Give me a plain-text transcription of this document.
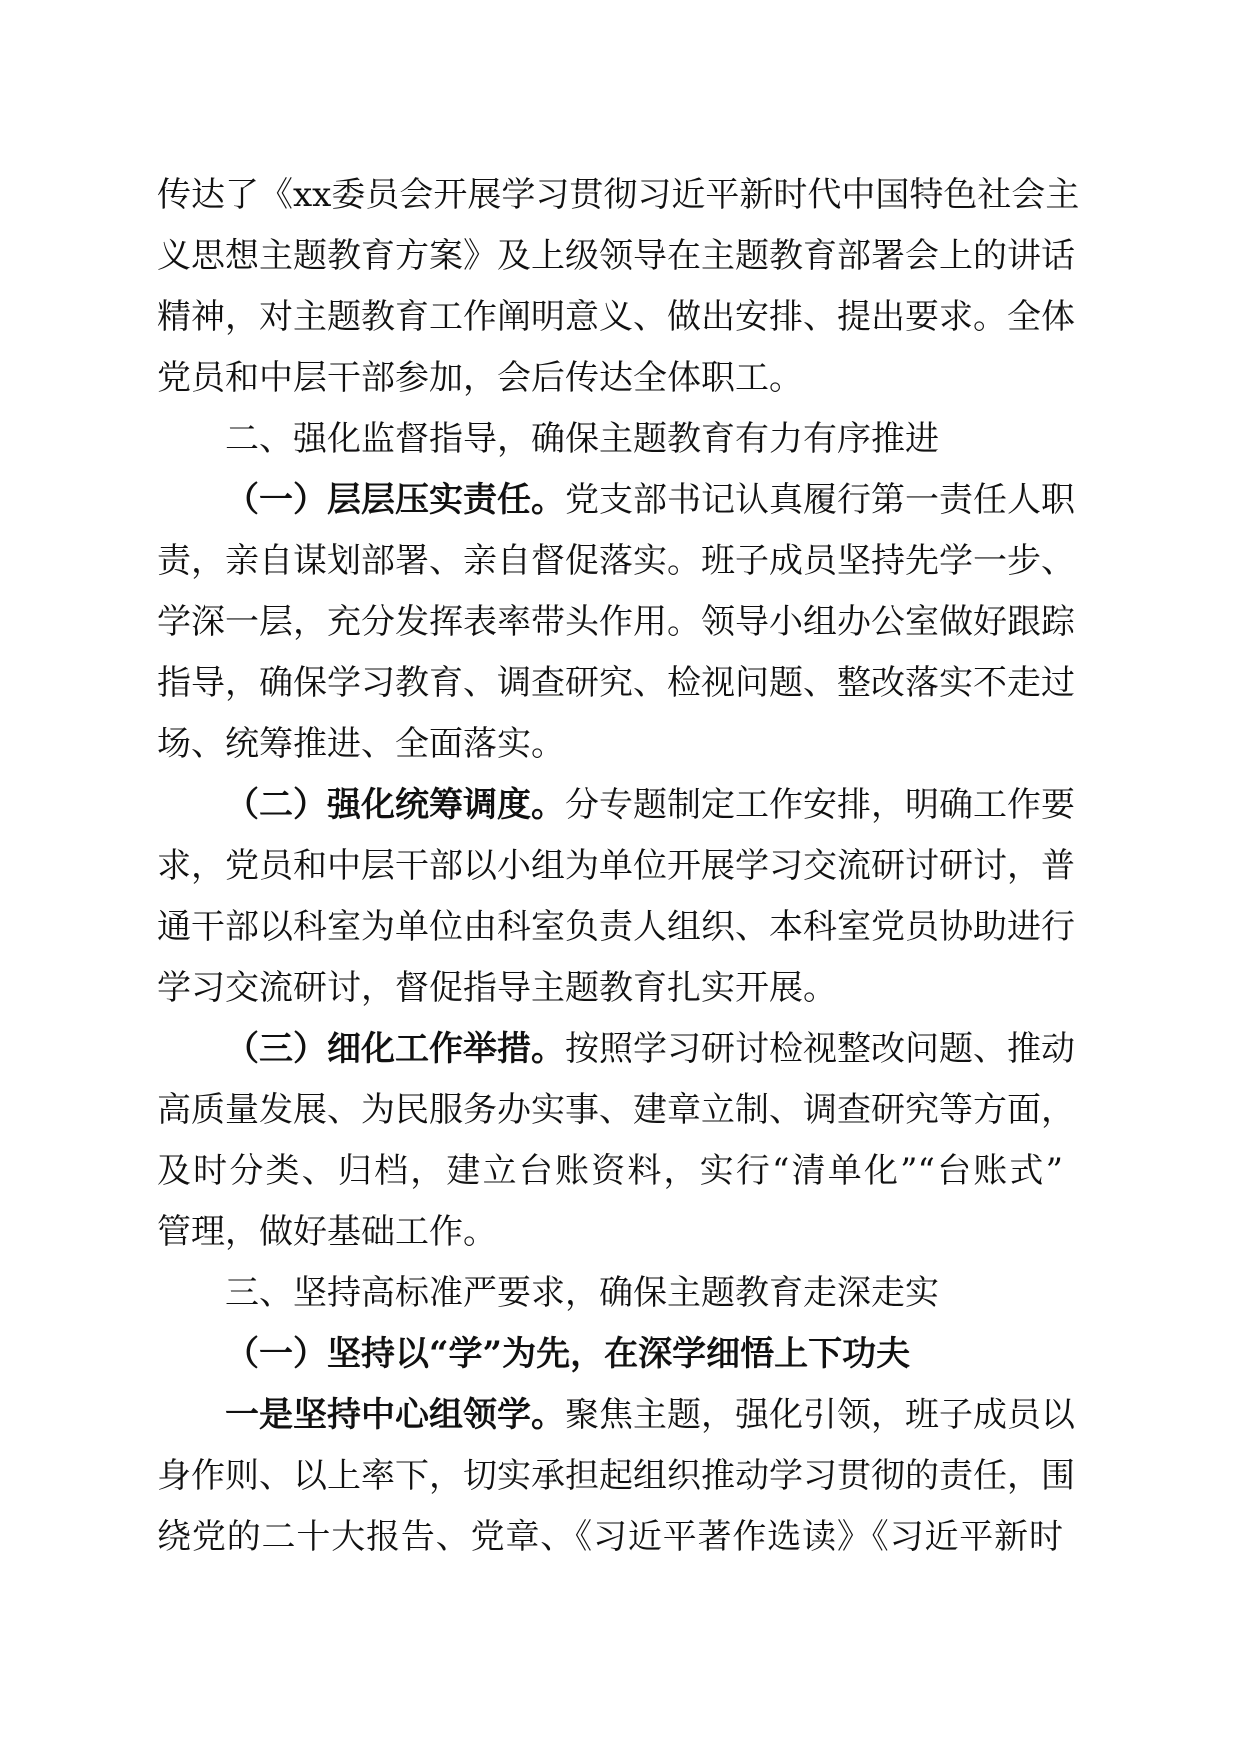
传达了《xx委员会开展学习贯彻习近平新时代中国特色社会主
义思想主题教育方案》及上级领导在主题教育部署会上的讲话
精神，对主题教育工作阐明意义、做出安排、提出要求。全体
党员和中层干部参加，会后传达全体职工。
二、强化监督指导，确保主题教育有力有序推进
（一）层层压实责任。党支部书记认真履行第一责任人职
责，亲自谋划部署、亲自督促落实。班子成员坚持先学一步、
学深一层，充分发挥表率带头作用。领导小组办公室做好跟踪
指导，确保学习教育、调查研究、检视问题、整改落实不走过
场、统筹推进、全面落实。
（二）强化统筹调度。分专题制定工作安排，明确工作要
求，党员和中层干部以小组为单位开展学习交流研讨研讨，普
通干部以科室为单位由科室负责人组织、本科室党员协助进行
学习交流研讨，督促指导主题教育扎实开展。
（三）细化工作举措。按照学习研讨检视整改问题、推动
高质量发展、为民服务办实事、建章立制、调查研究等方面，
及时分类、归档，建立台账资料，实行“清单化”“台账式”
管理，做好基础工作。
三、坚持高标准严要求，确保主题教育走深走实
（一）坚持以“学”为先，在深学细悟上下功夫
一是坚持中心组领学。聚焦主题，强化引领，班子成员以
身作则、以上率下，切实承担起组织推动学习贯彻的责任，围
绕党的二十大报告、党章、《习近平著作选读》《习近平新时
